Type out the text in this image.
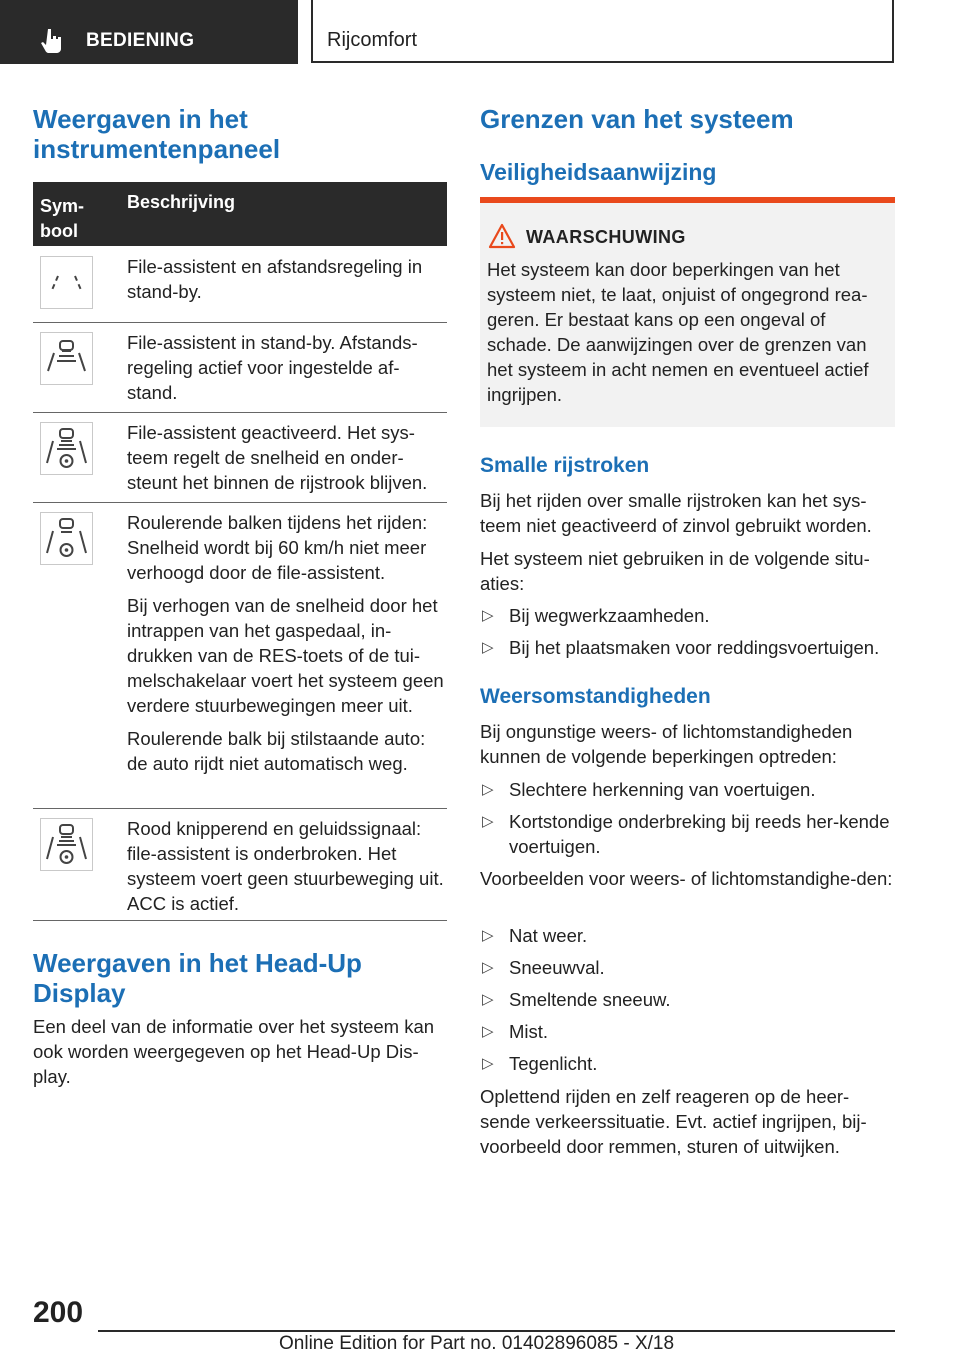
BEDIENING	Rijcomfort
Weergaven in het instrumentenpaneel
Sym-
bool
Beschrijving

File-assistent en afstandsregeling in stand-by.

File-assistent in stand-by. Afstands-regeling actief voor ingestelde af-stand.

File-assistent geactiveerd. Het sys-teem regelt de snelheid en onder-steunt het binnen de rijstrook blijven.

Roulerende balken tijdens het rijden: Snelheid wordt bij 60 km/h niet meer verhoogd door de file-assistent.

Bij verhogen van de snelheid door het intrappen van het gaspedaal, in-drukken van de RES-toets of de tui-melschakelaar voert het systeem geen verdere stuurbewegingen meer uit.

Roulerende balk bij stilstaande auto: de auto rijdt niet automatisch weg.

Rood knipperend en geluidssignaal: file-assistent is onderbroken. Het systeem voert geen stuurbeweging uit. ACC is actief.

Weergaven in het Head-Up Display

Een deel van de informatie over het systeem kan ook worden weergegeven op het Head-Up Dis-play.

Grenzen van het systeem
Veiligheidsaanwijzing
WAARSCHUWING
Het systeem kan door beperkingen van het systeem niet, te laat, onjuist of ongegrond rea-geren. Er bestaat kans op een ongeval of schade. De aanwijzingen over de grenzen van het systeem in acht nemen en eventueel actief ingrijpen.
Smalle rijstroken

Bij het rijden over smalle rijstroken kan het sys-teem niet geactiveerd of zinvol gebruikt worden.

Het systeem niet gebruiken in de volgende situ-aties:

▷ Bij wegwerkzaamheden.
▷ Bij het plaatsmaken voor reddingsvoertuigen.
Weersomstandigheden

Bij ongunstige weers- of lichtomstandigheden kunnen de volgende beperkingen optreden:

▷ Slechtere herkenning van voertuigen.
▷ Kortstondige onderbreking bij reeds her-kende voertuigen.

Voorbeelden voor weers- of lichtomstandighe-den:

▷ Nat weer.
▷ Sneeuwval.
▷ Smeltende sneeuw.
▷ Mist.
▷ Tegenlicht.

Oplettend rijden en zelf reageren op de heer-sende verkeerssituatie. Evt. actief ingrijpen, bij-voorbeeld door remmen, sturen of uitwijken.

200
Online Edition for Part no. 01402896085 - X/18
